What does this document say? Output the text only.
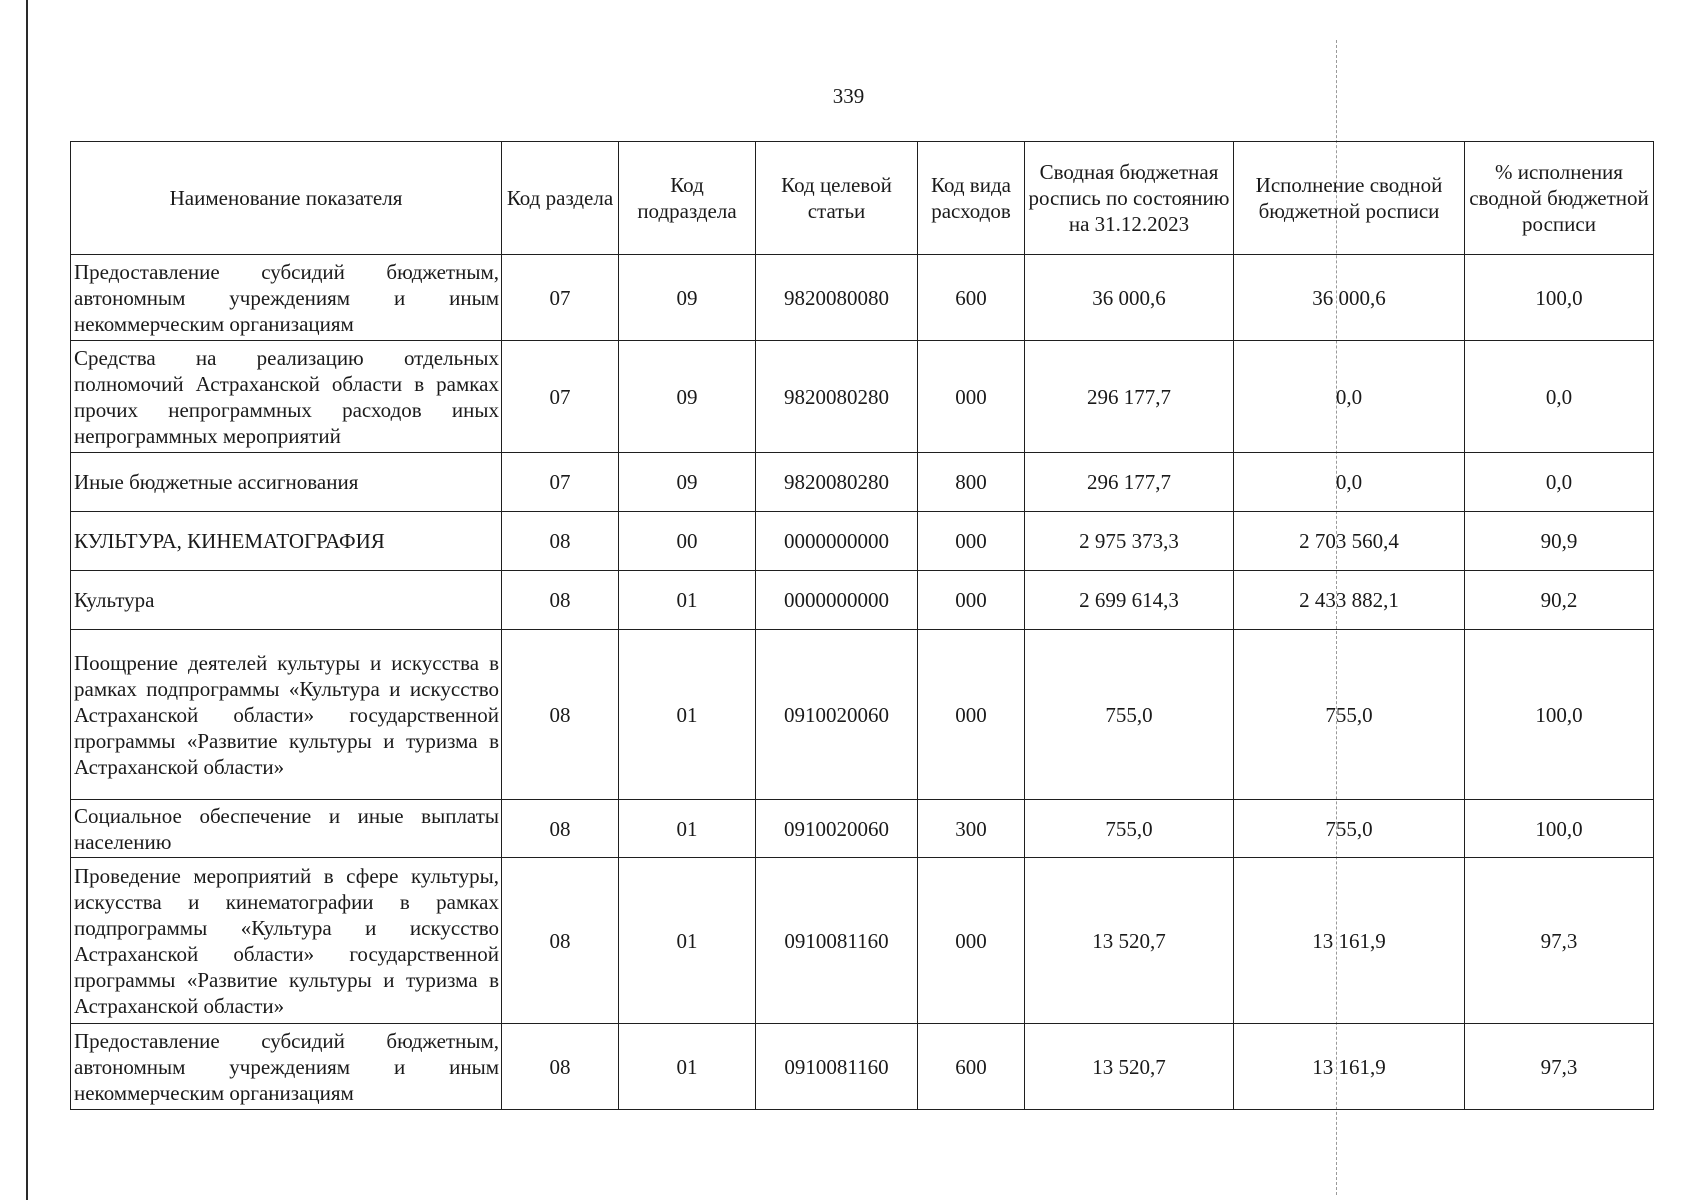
339
Наименование показателя	Код раздела	Код подраздела	Код целевой статьи	Код вида расходов	Сводная бюджетная роспись по состоянию на 31.12.2023	Исполнение сводной бюджетной росписи	% исполнения сводной бюджетной росписи
Предоставление субсидий бюджетным, автономным учреждениям и иным некоммерческим организациям	07	09	9820080080	600	36 000,6	36 000,6	100,0
Средства на реализацию отдельных полномочий Астраханской области в рамках прочих непрограммных расходов иных непрограммных мероприятий	07	09	9820080280	000	296 177,7	0,0	0,0
Иные бюджетные ассигнования	07	09	9820080280	800	296 177,7	0,0	0,0
КУЛЬТУРА, КИНЕМАТОГРАФИЯ	08	00	0000000000	000	2 975 373,3	2 703 560,4	90,9
Культура	08	01	0000000000	000	2 699 614,3	2 433 882,1	90,2
Поощрение деятелей культуры и искусства в рамках подпрограммы «Культура и искусство Астраханской области» государственной программы «Развитие культуры и туризма в Астраханской области»	08	01	0910020060	000	755,0	755,0	100,0
Социальное обеспечение и иные выплаты населению	08	01	0910020060	300	755,0	755,0	100,0
Проведение мероприятий в сфере культуры, искусства и кинематографии в рамках подпрограммы «Культура и искусство Астраханской области» государственной программы «Развитие культуры и туризма в Астраханской области»	08	01	0910081160	000	13 520,7	13 161,9	97,3
Предоставление субсидий бюджетным, автономным учреждениям и иным некоммерческим организациям	08	01	0910081160	600	13 520,7	13 161,9	97,3
